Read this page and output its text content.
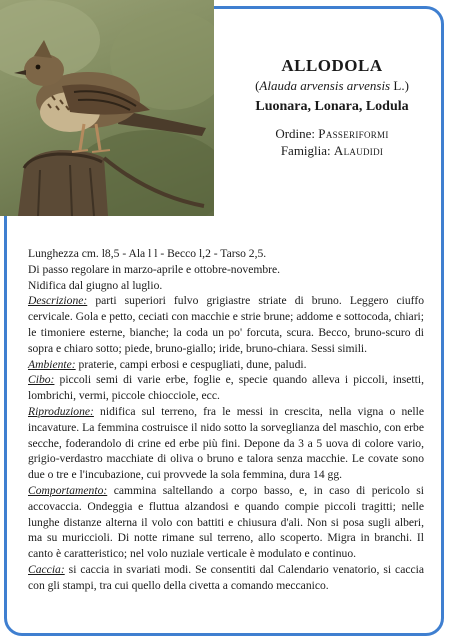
ALLODOLA
(Alauda arvensis arvensis L.)
Luonara, Lonara, Lodula
Ordine: Passeriformi
Famiglia: Alaudidi

Lunghezza cm. l8,5 - Ala l l - Becco l,2 - Tarso 2,5.

Di passo regolare in marzo-aprile e ottobre-novembre.

Nidifica dal giugno al luglio.

Descrizione: parti superiori fulvo grigiastre striate di bruno. Leggero ciuffo cervicale. Gola e petto, ceciati con macchie e strie brune; addome e sottocoda, chiari; le timoniere esterne, bianche; la coda un po' forcuta, scura. Becco, bruno-scuro di sopra e chiaro sotto; piede, bruno-giallo; iride, bruno-chiara. Sessi simili.

Ambiente: praterie, campi erbosi e cespugliati, dune, paludi.

Cibo: piccoli semi di varie erbe, foglie e, specie quando alleva i piccoli, insetti, lombrichi, vermi, piccole chiocciole, ecc.

Riproduzione: nidifica sul terreno, fra le messi in crescita, nella vigna o nelle incavature. La femmina costruisce il nido sotto la sorveglianza del maschio, con erbe secche, foderandolo di crine ed erbe più fini. Depone da 3 a 5 uova di colore vario, grigio-verdastro macchiate di oliva o bruno e talora senza macchie. Le covate sono due o tre e l'incubazione, cui provvede la sola femmina, dura 14 gg.

Comportamento: cammina saltellando a corpo basso, e, in caso di pericolo si accovaccia. Ondeggia e fluttua alzandosi e quando compie piccoli tragitti; nelle lunghe distanze alterna il volo con battiti e chiusura d'ali. Non si posa sugli alberi, ma su muriccioli. Di notte rimane sul terreno, allo scoperto. Migra in branchi. Il canto è caratteristico; nel volo nuziale verticale è modulato e continuo.

Caccia: si caccia in svariati modi. Se consentiti dal Calendario venatorio, si caccia con gli stampi, tra cui quello della civetta a comando meccanico.
